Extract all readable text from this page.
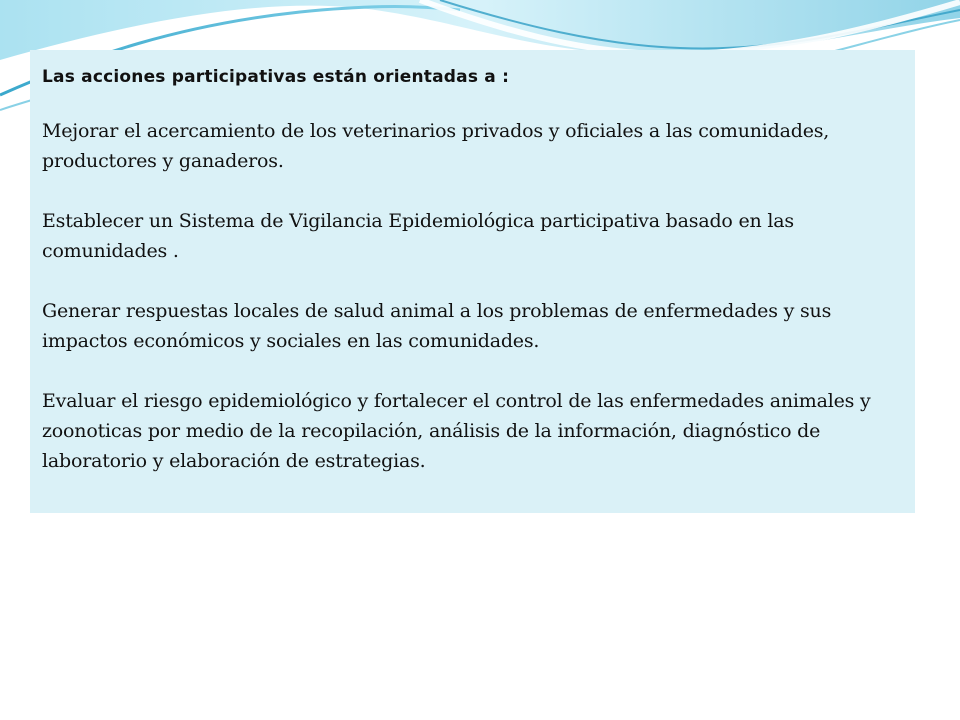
Las acciones participativas están orientadas a :

Mejorar el acercamiento de los veterinarios privados y oficiales a las comunidades, productores y ganaderos.

Establecer un Sistema de Vigilancia Epidemiológica participativa basado en las comunidades .

Generar respuestas locales de salud animal a los problemas de enfermedades y sus impactos económicos y sociales en las comunidades.

Evaluar el riesgo epidemiológico y fortalecer el control de las enfermedades animales y zoonoticas por medio de la recopilación, análisis de la información, diagnóstico de laboratorio y elaboración de estrategias.
